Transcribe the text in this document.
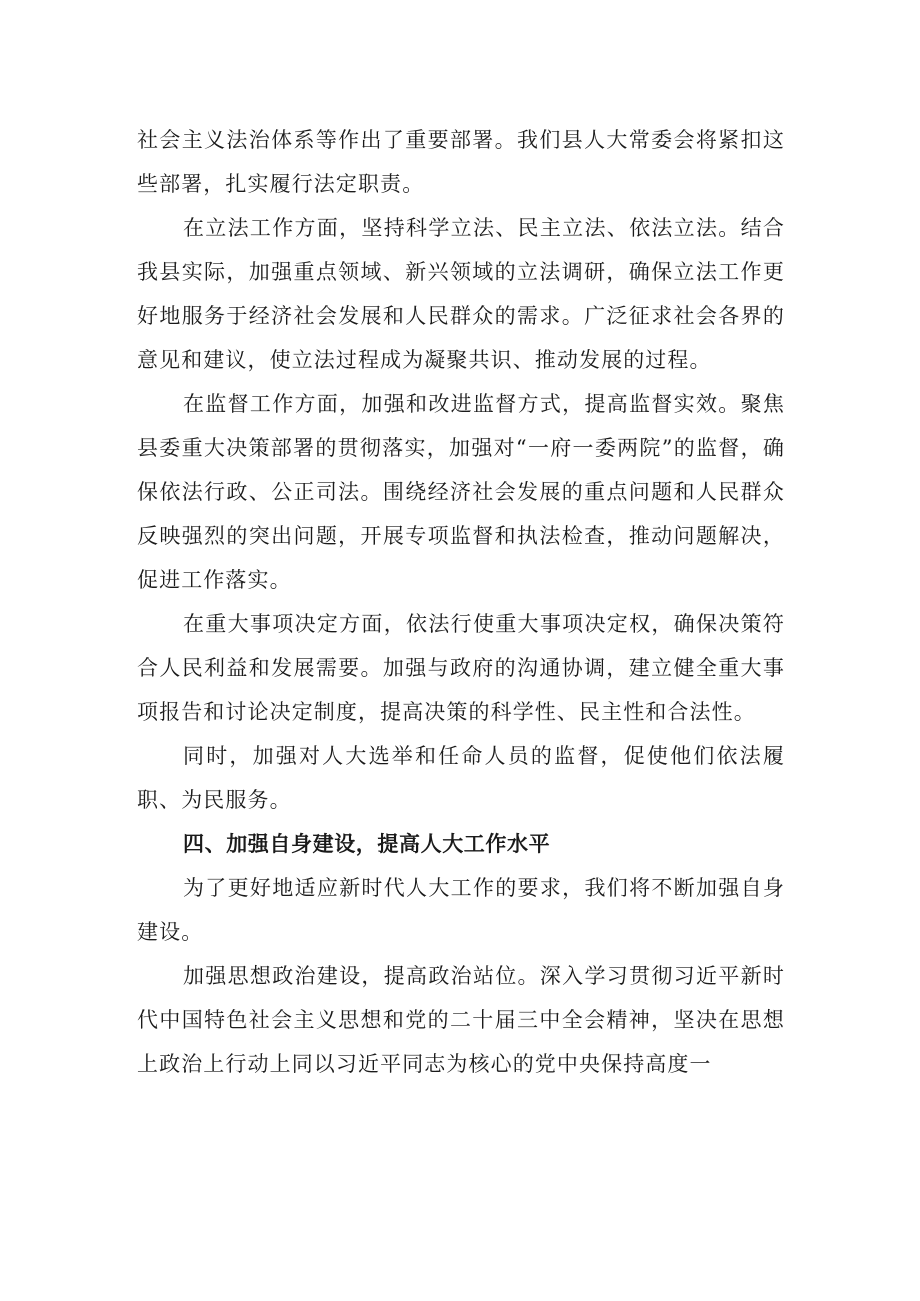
社会主义法治体系等作出了重要部署。我们县人大常委会将紧扣这些部署，扎实履行法定职责。

在立法工作方面，坚持科学立法、民主立法、依法立法。结合我县实际，加强重点领域、新兴领域的立法调研，确保立法工作更好地服务于经济社会发展和人民群众的需求。广泛征求社会各界的意见和建议，使立法过程成为凝聚共识、推动发展的过程。

在监督工作方面，加强和改进监督方式，提高监督实效。聚焦县委重大决策部署的贯彻落实，加强对“一府一委两院”的监督，确保依法行政、公正司法。围绕经济社会发展的重点问题和人民群众反映强烈的突出问题，开展专项监督和执法检查，推动问题解决，促进工作落实。

在重大事项决定方面，依法行使重大事项决定权，确保决策符合人民利益和发展需要。加强与政府的沟通协调，建立健全重大事项报告和讨论决定制度，提高决策的科学性、民主性和合法性。

同时，加强对人大选举和任命人员的监督，促使他们依法履职、为民服务。

四、加强自身建设，提高人大工作水平

为了更好地适应新时代人大工作的要求，我们将不断加强自身建设。

加强思想政治建设，提高政治站位。深入学习贯彻习近平新时代中国特色社会主义思想和党的二十届三中全会精神，坚决在思想上政治上行动上同以习近平同志为核心的党中央保持高度一
